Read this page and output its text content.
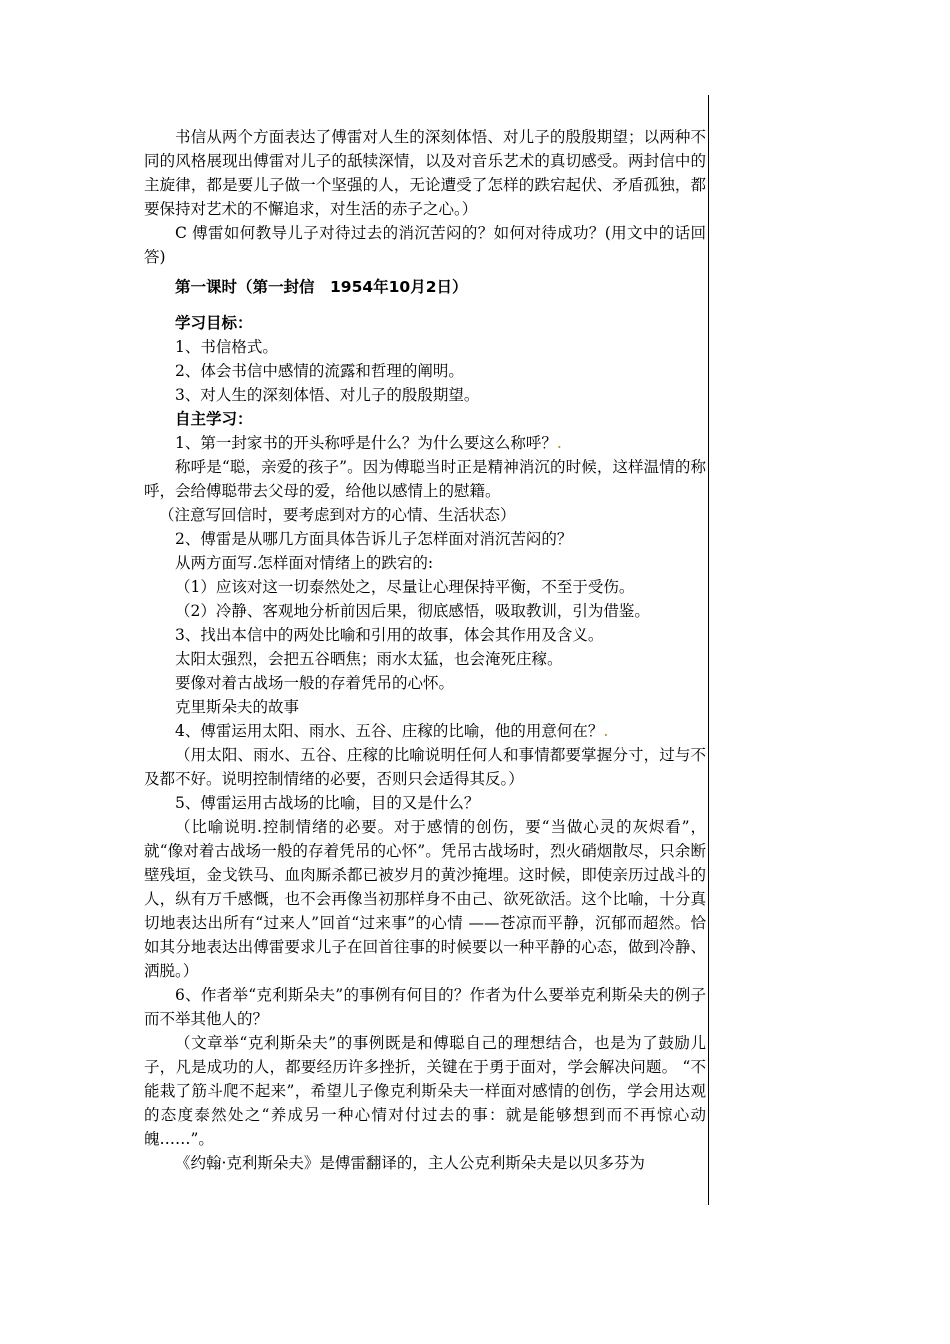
书信从两个方面表达了傅雷对人生的深刻体悟、对儿子的殷殷期望；以两种不同的风格展现出傅雷对儿子的舐犊深情，以及对音乐艺术的真切感受。两封信中的主旋律，都是要儿子做一个坚强的人，无论遭受了怎样的跌宕起伏、矛盾孤独，都要保持对艺术的不懈追求，对生活的赤子之心。）

C 傅雷如何教导儿子对待过去的消沉苦闷的？如何对待成功？(用文中的话回答)

第一课时（第一封信　1954年10月2日）

学习目标：

1、书信格式。

2、体会书信中感情的流露和哲理的阐明。

3、对人生的深刻体悟、对儿子的殷殷期望。

自主学习：

1、第一封家书的开头称呼是什么？为什么要这么称呼？.

称呼是“聪，亲爱的孩子”。因为傅聪当时正是精神消沉的时候，这样温情的称呼，会给傅聪带去父母的爱，给他以感情上的慰籍。

（注意写回信时，要考虑到对方的心情、生活状态）

2、傅雷是从哪几方面具体告诉儿子怎样面对消沉苦闷的？

从两方面写.怎样面对情绪上的跌宕的:

（1）应该对这一切泰然处之，尽量让心理保持平衡，不至于受伤。

（2）冷静、客观地分析前因后果，彻底感悟，吸取教训，引为借鉴。

3、找出本信中的两处比喻和引用的故事，体会其作用及含义。

太阳太强烈，会把五谷晒焦；雨水太猛，也会淹死庄稼。

要像对着古战场一般的存着凭吊的心怀。

克里斯朵夫的故事

4、傅雷运用太阳、雨水、五谷、庄稼的比喻，他的用意何在？.

（用太阳、雨水、五谷、庄稼的比喻说明任何人和事情都要掌握分寸，过与不及都不好。说明控制情绪的必要，否则只会适得其反。）

5、傅雷运用古战场的比喻，目的又是什么？

（比喻说明.控制情绪的必要。对于感情的创伤，要“当做心灵的灰烬看”，就“像对着古战场一般的存着凭吊的心怀”。凭吊古战场时，烈火硝烟散尽，只余断壁残垣，金戈铁马、血肉厮杀都已被岁月的黄沙掩埋。这时候，即使亲历过战斗的人，纵有万千感慨，也不会再像当初那样身不由己、欲死欲活。这个比喻，十分真切地表达出所有“过来人”回首“过来事”的心情 ——苍凉而平静，沉郁而超然。恰如其分地表达出傅雷要求儿子在回首往事的时候要以一种平静的心态，做到冷静、洒脱。）

6、作者举“克利斯朵夫”的事例有何目的？作者为什么要举克利斯朵夫的例子而不举其他人的？

（文章举“克利斯朵夫”的事例既是和傅聪自己的理想结合，也是为了鼓励儿子，凡是成功的人，都要经历许多挫折，关键在于勇于面对，学会解决问题。 “不能栽了筋斗爬不起来”，希望儿子像克利斯朵夫一样面对感情的创伤，学会用达观的态度泰然处之“养成另一种心情对付过去的事：就是能够想到而不再惊心动魄……”。

《约翰·克利斯朵夫》是傅雷翻译的，主人公克利斯朵夫是以贝多芬为
